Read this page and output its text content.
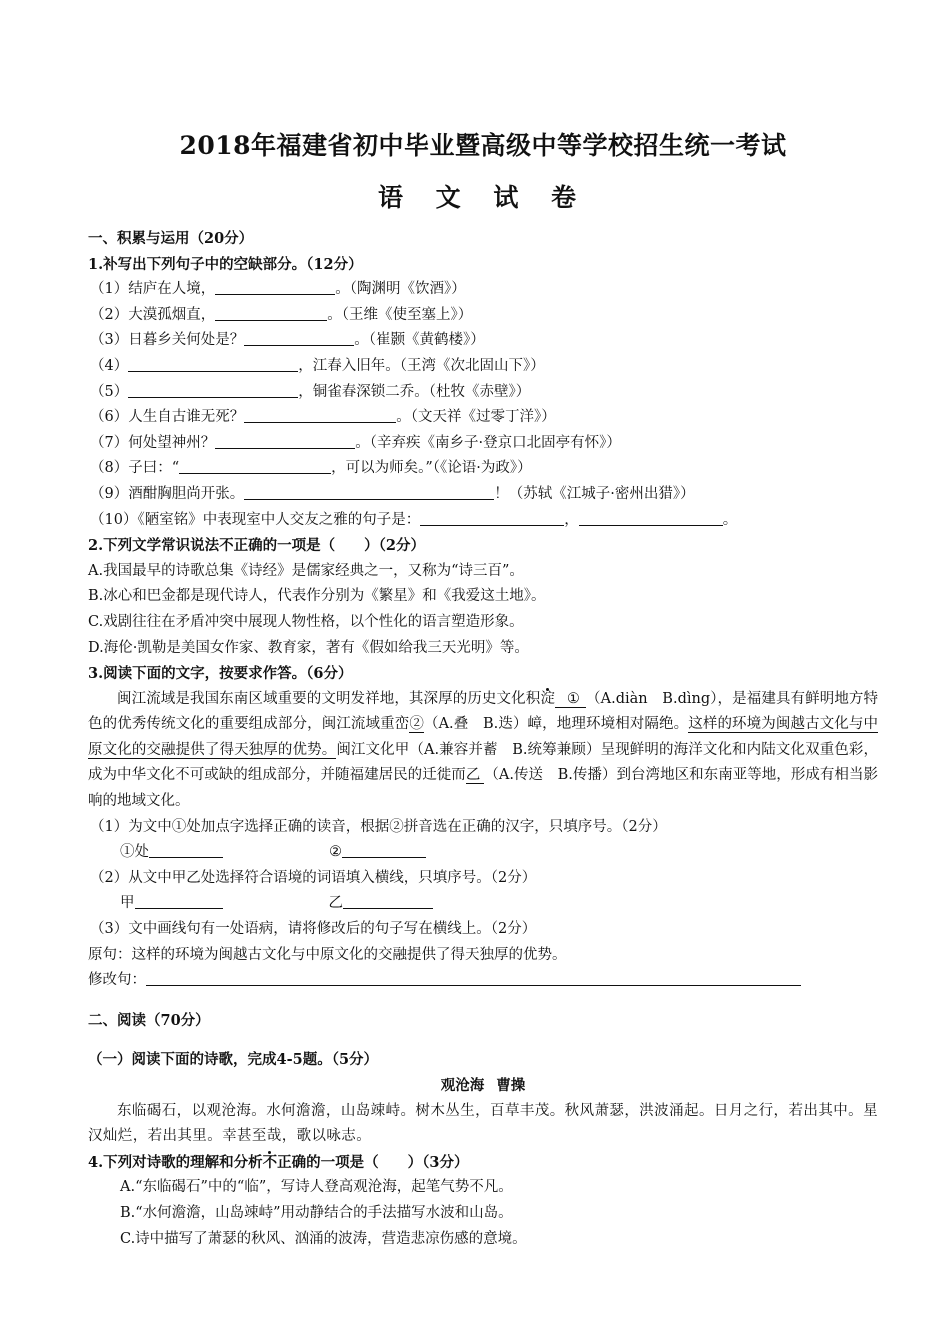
2018年福建省初中毕业暨高级中等学校招生统一考试
语 文 试 卷
一、积累与运用（20分）
1.补写出下列句子中的空缺部分。（12分）
（1）结庐在人境，	。（陶渊明《饮酒》）
（2）大漠孤烟直，	。（王维《使至塞上》）
（3）日暮乡关何处是？	。（崔颢《黄鹤楼》）
（4）	，江春入旧年。（王湾《次北固山下》）
（5）	，铜雀春深锁二乔。（杜牧《赤壁》）
（6）人生自古谁无死？	。（文天祥《过零丁洋》）
（7）何处望神州？	。（辛弃疾《南乡子·登京口北固亭有怀》）
（8）子曰：“	，可以为师矣。”（《论语·为政》）
（9）酒酣胸胆尚开张。	！（苏轼《江城子·密州出猎》）
（10）《陋室铭》中表现室中人交友之雅的句子是：	，	。
2.下列文学常识说法不正确的一项是（　　）（2分）
A.我国最早的诗歌总集《诗经》是儒家经典之一，又称为“诗三百”。
B.冰心和巴金都是现代诗人，代表作分别为《繁星》和《我爱这土地》。
C.戏剧往往在矛盾冲突中展现人物性格，以个性化的语言塑造形象。
D.海伦·凯勒是美国女作家、教育家，著有《假如给我三天光明》等。
3.阅读下面的文字，按要求作答。（6分）
闽江流域是我国东南区域重要的文明发祥地，其深厚的历史文化积淀 ① （A.diàn　B.dìng），是福建具有鲜明地方特色的优秀传统文化的重要组成部分，闽江流域重峦②（A.叠　B.迭）嶂，地理环境相对隔绝。这样的环境为闽越古文化与中原文化的交融提供了得天独厚的优势。闽江文化甲（A.兼容并蓄　B.统筹兼顾）呈现鲜明的海洋文化和内陆文化双重色彩，成为中华文化不可或缺的组成部分，并随福建居民的迁徙而乙 （A.传送　B.传播）到台湾地区和东南亚等地，形成有相当影响的地域文化。
（1）为文中①处加点字选择正确的读音，根据②拼音选在正确的汉字，只填序号。（2分）
①处	②
（2）从文中甲乙处选择符合语境的词语填入横线，只填序号。（2分）
甲	乙
（3）文中画线句有一处语病，请将修改后的句子写在横线上。（2分）
原句：这样的环境为闽越古文化与中原文化的交融提供了得天独厚的优势。
修改句：
二、阅读（70分）
（一）阅读下面的诗歌，完成4-5题。（5分）
观沧海 曹操
东临碣石，以观沧海。水何澹澹，山岛竦峙。树木丛生，百草丰茂。秋风萧瑟，洪波涌起。日月之行，若出其中。星汉灿烂，若出其里。幸甚至哉，歌以咏志。
4.下列对诗歌的理解和分析不正确的一项是（　　）（3分）
A.“东临碣石”中的“临”，写诗人登高观沧海，起笔气势不凡。
B.“水何澹澹，山岛竦峙”用动静结合的手法描写水波和山岛。
C.诗中描写了萧瑟的秋风、汹涌的波涛，营造悲凉伤感的意境。
